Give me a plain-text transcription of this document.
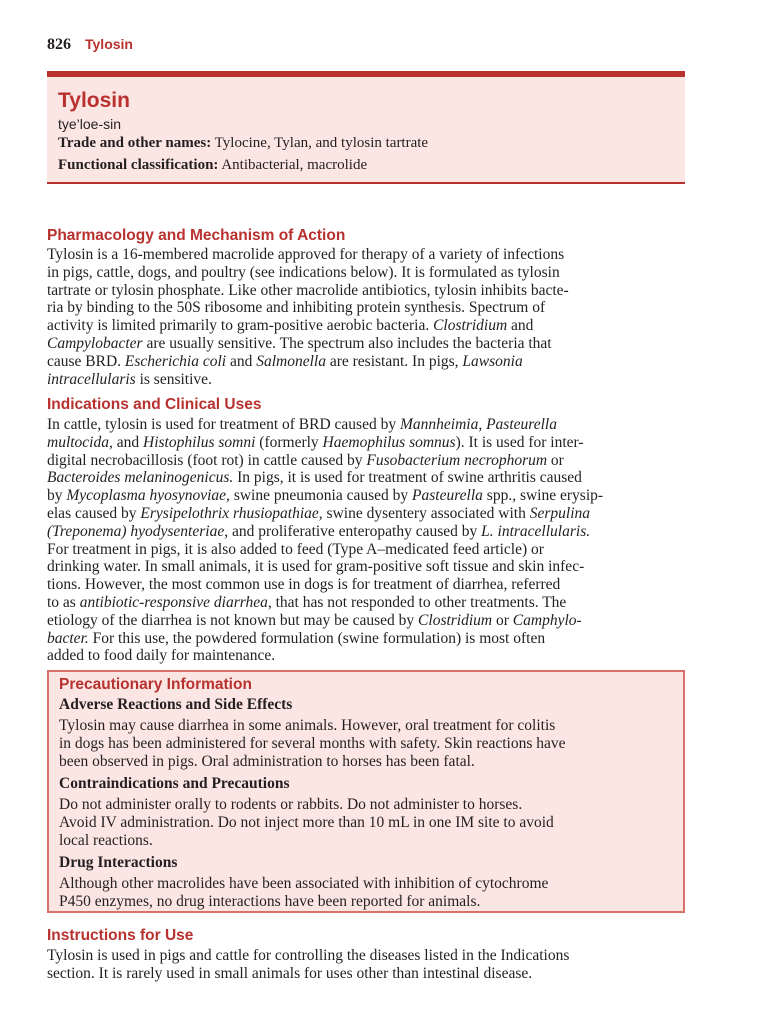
826 Tylosin
Tylosin
tye’loe-sin
Trade and other names: Tylocine, Tylan, and tylosin tartrate
Functional classification: Antibacterial, macrolide
Pharmacology and Mechanism of Action
Tylosin is a 16-membered macrolide approved for therapy of a variety of infections
in pigs, cattle, dogs, and poultry (see indications below). It is formulated as tylosin
tartrate or tylosin phosphate. Like other macrolide antibiotics, tylosin inhibits bacte-
ria by binding to the 50S ribosome and inhibiting protein synthesis. Spectrum of
activity is limited primarily to gram-positive aerobic bacteria. Clostridium and
Campylobacter are usually sensitive. The spectrum also includes the bacteria that
cause BRD. Escherichia coli and Salmonella are resistant. In pigs, Lawsonia
intracellularis is sensitive.
Indications and Clinical Uses
In cattle, tylosin is used for treatment of BRD caused by Mannheimia, Pasteurella
multocida, and Histophilus somni (formerly Haemophilus somnus). It is used for inter-
digital necrobacillosis (foot rot) in cattle caused by Fusobacterium necrophorum or
Bacteroides melaninogenicus. In pigs, it is used for treatment of swine arthritis caused
by Mycoplasma hyosynoviae, swine pneumonia caused by Pasteurella spp., swine erysip-
elas caused by Erysipelothrix rhusiopathiae, swine dysentery associated with Serpulina
(Treponema) hyodysenteriae, and proliferative enteropathy caused by L. intracellularis.
For treatment in pigs, it is also added to feed (Type A–medicated feed article) or
drinking water. In small animals, it is used for gram-positive soft tissue and skin infec-
tions. However, the most common use in dogs is for treatment of diarrhea, referred
to as antibiotic-responsive diarrhea, that has not responded to other treatments. The
etiology of the diarrhea is not known but may be caused by Clostridium or Camphylo-
bacter. For this use, the powdered formulation (swine formulation) is most often
added to food daily for maintenance.
Precautionary Information
Adverse Reactions and Side Effects
Tylosin may cause diarrhea in some animals. However, oral treatment for colitis
in dogs has been administered for several months with safety. Skin reactions have
been observed in pigs. Oral administration to horses has been fatal.
Contraindications and Precautions
Do not administer orally to rodents or rabbits. Do not administer to horses.
Avoid IV administration. Do not inject more than 10 mL in one IM site to avoid
local reactions.
Drug Interactions
Although other macrolides have been associated with inhibition of cytochrome
P450 enzymes, no drug interactions have been reported for animals.
Instructions for Use
Tylosin is used in pigs and cattle for controlling the diseases listed in the Indications
section. It is rarely used in small animals for uses other than intestinal disease.
